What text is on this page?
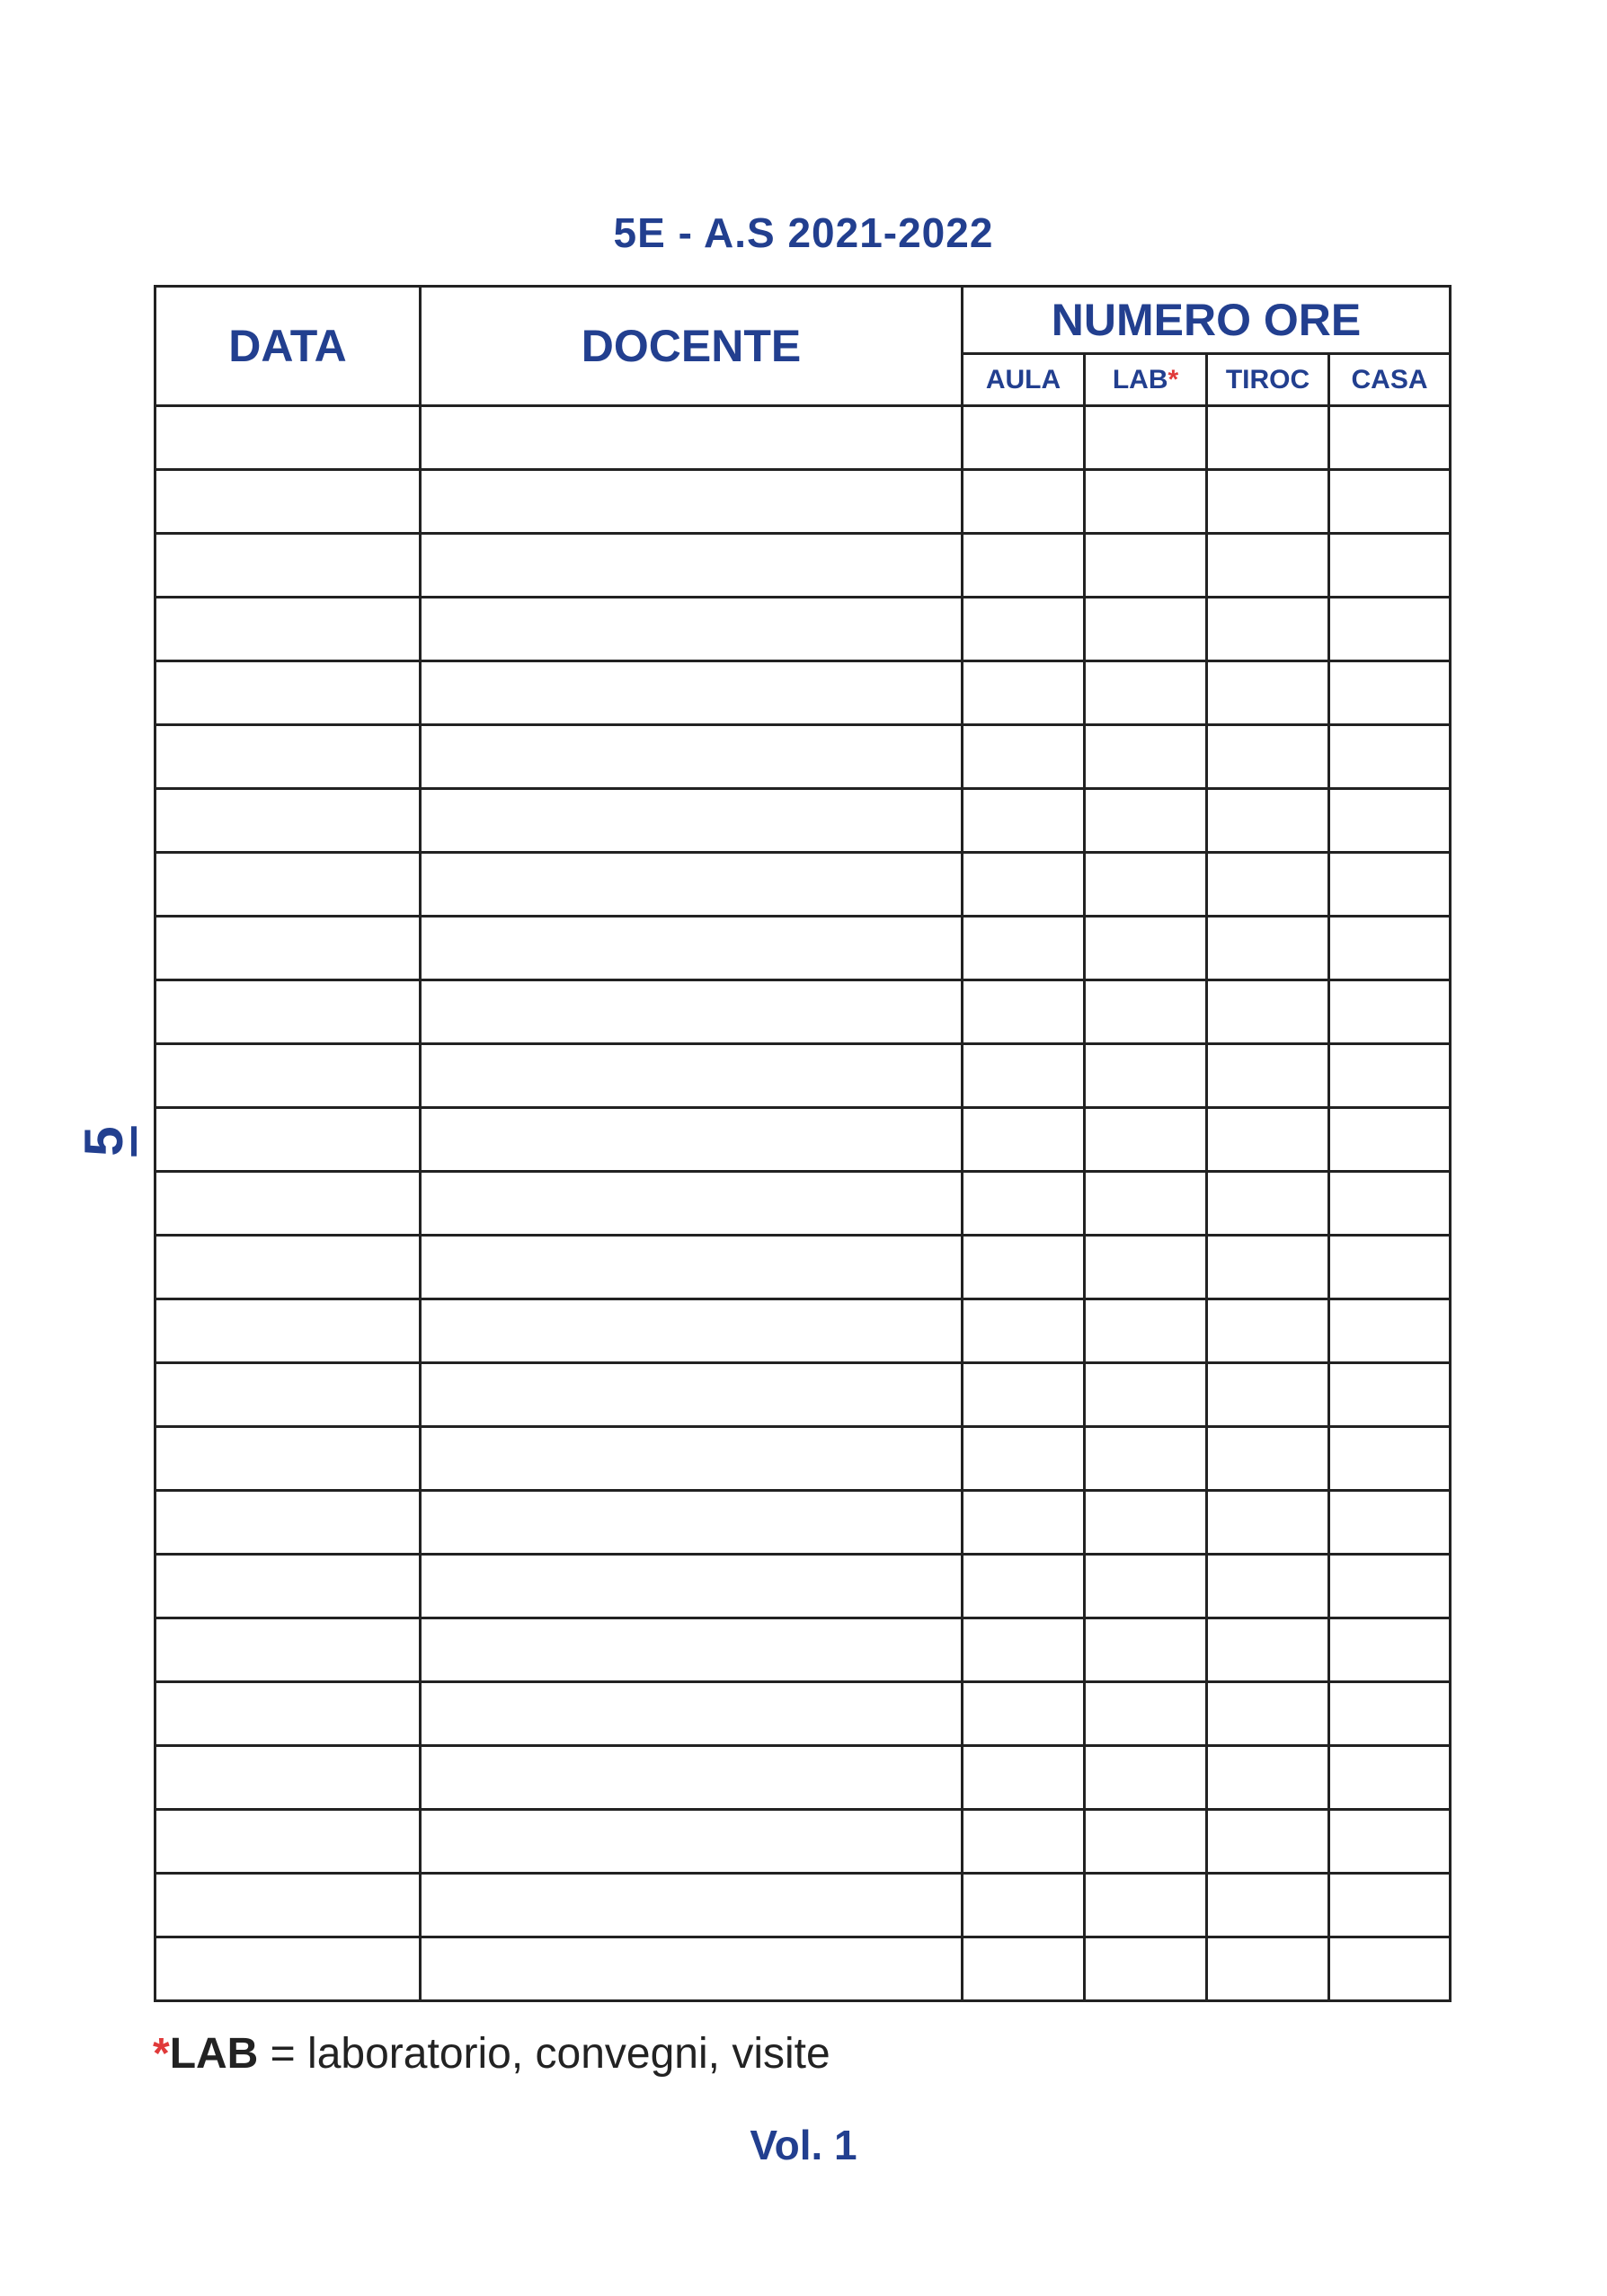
5E - A.S 2021-2022
5
DATA	DOCENTE	NUMERO ORE			
		AULA	LAB*	TIROC	CASA

*LAB = laboratorio, convegni, visite
Vol. 1
